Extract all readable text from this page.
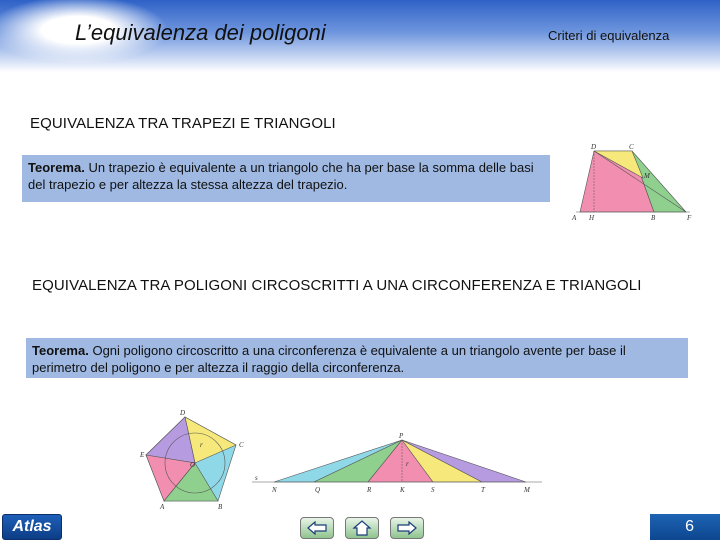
L’equivalenza dei poligoni	Criteri di equivalenza
EQUIVALENZA TRA TRAPEZI E TRIANGOLI
Teorema. Un trapezio è equivalente a un triangolo che ha per base la somma delle basi del trapezio e per altezza la stessa altezza del trapezio.
D	C
M
A H	B	F
EQUIVALENZA TRA POLIGONI CIRCOSCRITTI A UNA CIRCONFERENZA E TRIANGOLI
Teorema. Ogni poligono circoscritto a una circonferenza è equivalente a un triangolo avente per base il perimetro del poligono e per altezza il raggio della circonferenza.
D
C
E
O
A	B
r
P
r
s
N	Q	R	K	S	T	M
Atlas	6
